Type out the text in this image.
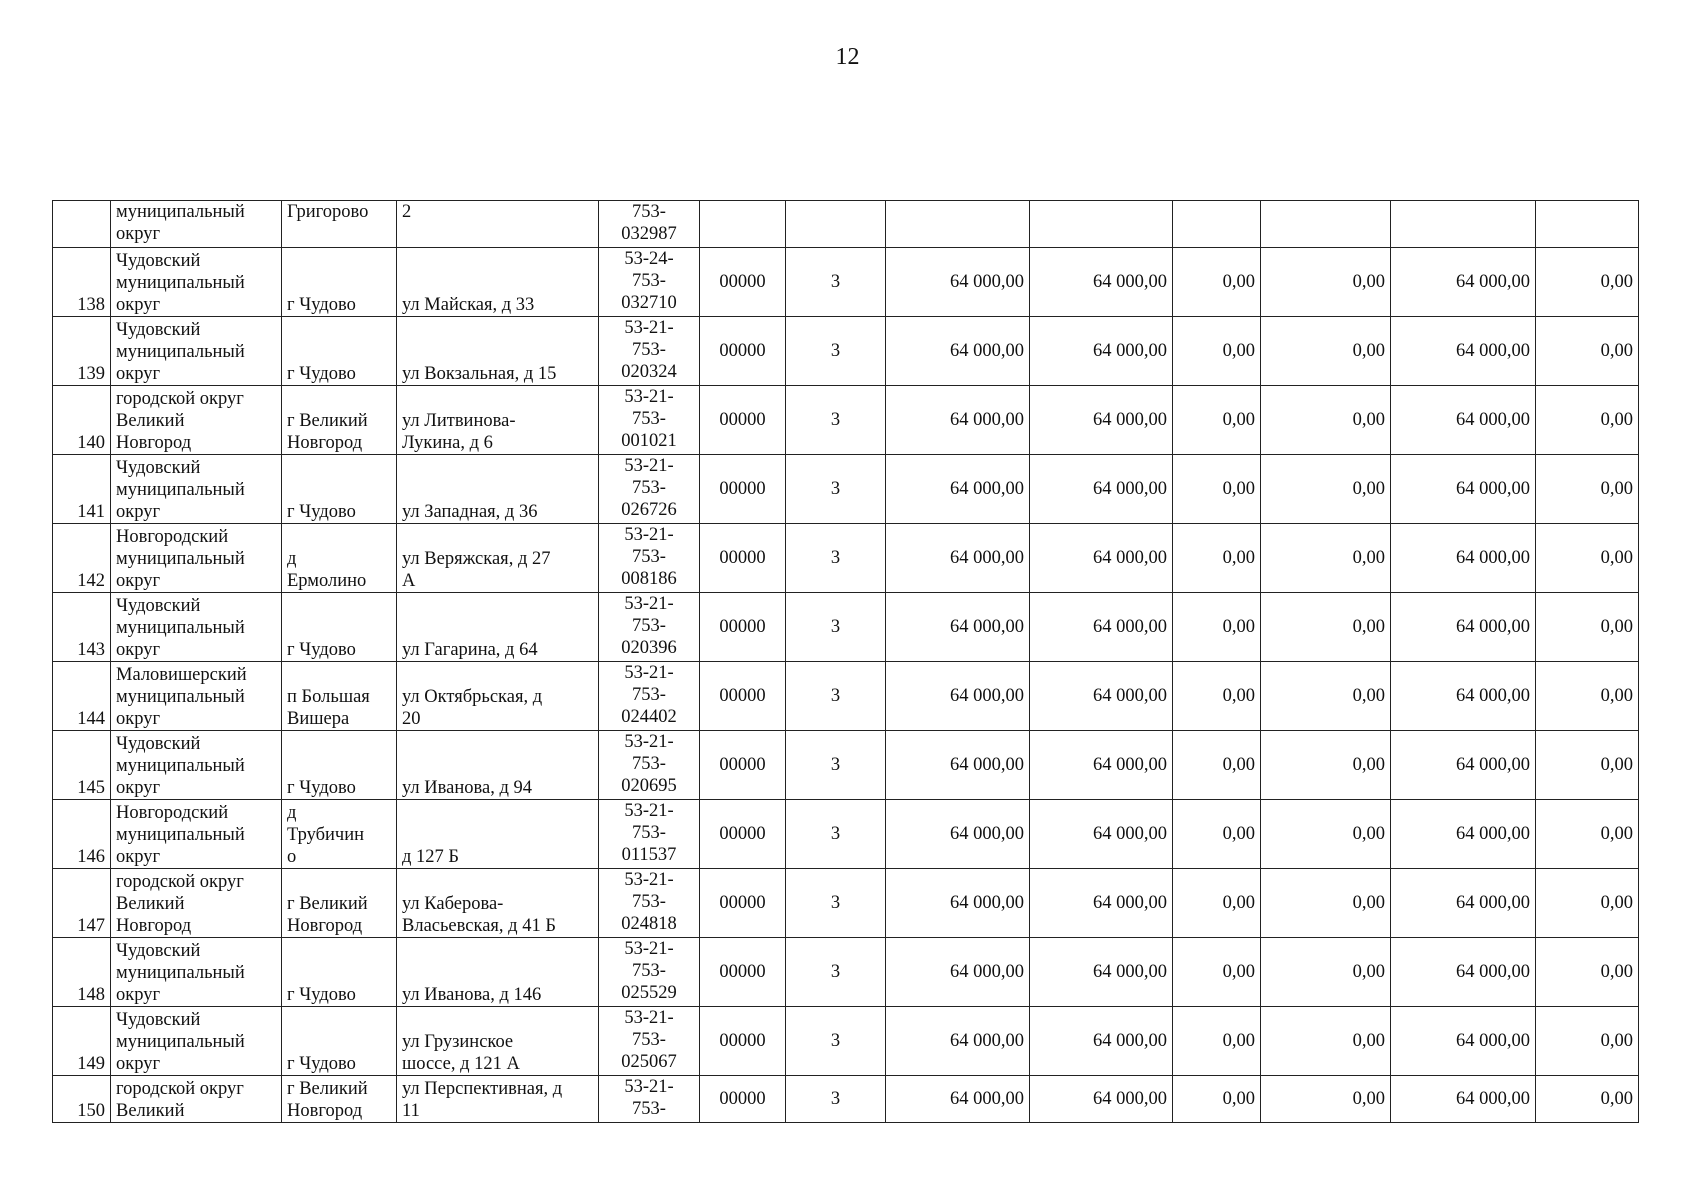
12

	муниципальный
округ	Григорово	2	753-
032987								

138	Чудовский
муниципальный
округ	г Чудово	ул Майская, д 33	53-24-
753-
032710	00000	3	64 000,00	64 000,00	0,00	0,00	64 000,00	0,00
139	Чудовский
муниципальный
округ	г Чудово	ул Вокзальная, д 15	53-21-
753-
020324	00000	3	64 000,00	64 000,00	0,00	0,00	64 000,00	0,00
140	городской округ
Великий
Новгород	г Великий
Новгород	ул Литвинова-
Лукина, д 6	53-21-
753-
001021	00000	3	64 000,00	64 000,00	0,00	0,00	64 000,00	0,00
141	Чудовский
муниципальный
округ	г Чудово	ул Западная, д 36	53-21-
753-
026726	00000	3	64 000,00	64 000,00	0,00	0,00	64 000,00	0,00
142	Новгородский
муниципальный
округ	д
Ермолино	ул Веряжская, д 27
А	53-21-
753-
008186	00000	3	64 000,00	64 000,00	0,00	0,00	64 000,00	0,00
143	Чудовский
муниципальный
округ	г Чудово	ул Гагарина, д 64	53-21-
753-
020396	00000	3	64 000,00	64 000,00	0,00	0,00	64 000,00	0,00
144	Маловишерский
муниципальный
округ	п Большая
Вишера	ул Октябрьская, д
20	53-21-
753-
024402	00000	3	64 000,00	64 000,00	0,00	0,00	64 000,00	0,00
145	Чудовский
муниципальный
округ	г Чудово	ул Иванова, д 94	53-21-
753-
020695	00000	3	64 000,00	64 000,00	0,00	0,00	64 000,00	0,00
146	Новгородский
муниципальный
округ	д
Трубичин
о	д 127 Б	53-21-
753-
011537	00000	3	64 000,00	64 000,00	0,00	0,00	64 000,00	0,00
147	городской округ
Великий
Новгород	г Великий
Новгород	ул Каберова-
Власьевская, д 41 Б	53-21-
753-
024818	00000	3	64 000,00	64 000,00	0,00	0,00	64 000,00	0,00
148	Чудовский
муниципальный
округ	г Чудово	ул Иванова, д 146	53-21-
753-
025529	00000	3	64 000,00	64 000,00	0,00	0,00	64 000,00	0,00
149	Чудовский
муниципальный
округ	г Чудово	ул Грузинское
шоссе, д 121 А	53-21-
753-
025067	00000	3	64 000,00	64 000,00	0,00	0,00	64 000,00	0,00
150	городской округ
Великий	г Великий
Новгород	ул Перспективная, д
11	53-21-
753-	00000	3	64 000,00	64 000,00	0,00	0,00	64 000,00	0,00
